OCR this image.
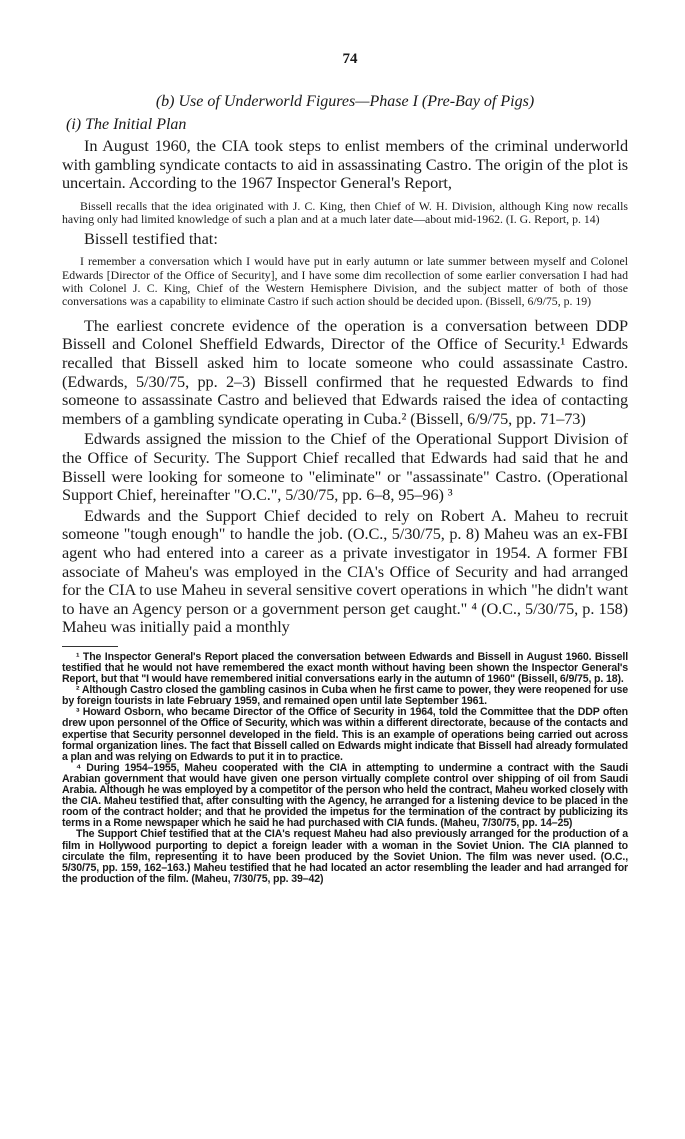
74
(b) Use of Underworld Figures—Phase I (Pre-Bay of Pigs)
(i) The Initial Plan

In August 1960, the CIA took steps to enlist members of the criminal underworld with gambling syndicate contacts to aid in assassinating Castro. The origin of the plot is uncertain. According to the 1967 Inspector General's Report,

Bissell recalls that the idea originated with J. C. King, then Chief of W. H. Division, although King now recalls having only had limited knowledge of such a plan and at a much later date—about mid-1962. (I. G. Report, p. 14)

Bissell testified that:

I remember a conversation which I would have put in early autumn or late summer between myself and Colonel Edwards [Director of the Office of Security], and I have some dim recollection of some earlier conversation I had had with Colonel J. C. King, Chief of the Western Hemisphere Division, and the subject matter of both of those conversations was a capability to eliminate Castro if such action should be decided upon. (Bissell, 6/9/75, p. 19)

The earliest concrete evidence of the operation is a conversation between DDP Bissell and Colonel Sheffield Edwards, Director of the Office of Security.¹ Edwards recalled that Bissell asked him to locate someone who could assassinate Castro. (Edwards, 5/30/75, pp. 2–3) Bissell confirmed that he requested Edwards to find someone to assassinate Castro and believed that Edwards raised the idea of contacting members of a gambling syndicate operating in Cuba.² (Bissell, 6/9/75, pp. 71–73)

Edwards assigned the mission to the Chief of the Operational Support Division of the Office of Security. The Support Chief recalled that Edwards had said that he and Bissell were looking for someone to "eliminate" or "assassinate" Castro. (Operational Support Chief, hereinafter "O.C.", 5/30/75, pp. 6–8, 95–96) ³

Edwards and the Support Chief decided to rely on Robert A. Maheu to recruit someone "tough enough" to handle the job. (O.C., 5/30/75, p. 8) Maheu was an ex-FBI agent who had entered into a career as a private investigator in 1954. A former FBI associate of Maheu's was employed in the CIA's Office of Security and had arranged for the CIA to use Maheu in several sensitive covert operations in which "he didn't want to have an Agency person or a government person get caught." ⁴ (O.C., 5/30/75, p. 158) Maheu was initially paid a monthly

¹ The Inspector General's Report placed the conversation between Edwards and Bissell in August 1960. Bissell testified that he would not have remembered the exact month without having been shown the Inspector General's Report, but that "I would have remembered initial conversations early in the autumn of 1960" (Bissell, 6/9/75, p. 18).

² Although Castro closed the gambling casinos in Cuba when he first came to power, they were reopened for use by foreign tourists in late February 1959, and remained open until late September 1961.

³ Howard Osborn, who became Director of the Office of Security in 1964, told the Committee that the DDP often drew upon personnel of the Office of Security, which was within a different directorate, because of the contacts and expertise that Security personnel developed in the field. This is an example of operations being carried out across formal organization lines. The fact that Bissell called on Edwards might indicate that Bissell had already formulated a plan and was relying on Edwards to put it in to practice.

⁴ During 1954–1955, Maheu cooperated with the CIA in attempting to undermine a contract with the Saudi Arabian government that would have given one person virtually complete control over shipping of oil from Saudi Arabia. Although he was employed by a competitor of the person who held the contract, Maheu worked closely with the CIA. Maheu testified that, after consulting with the Agency, he arranged for a listening device to be placed in the room of the contract holder; and that he provided the impetus for the termination of the contract by publicizing its terms in a Rome newspaper which he said he had purchased with CIA funds. (Maheu, 7/30/75, pp. 14–25)

The Support Chief testified that at the CIA's request Maheu had also previously arranged for the production of a film in Hollywood purporting to depict a foreign leader with a woman in the Soviet Union. The CIA planned to circulate the film, representing it to have been produced by the Soviet Union. The film was never used. (O.C., 5/30/75, pp. 159, 162–163.) Maheu testified that he had located an actor resembling the leader and had arranged for the production of the film. (Maheu, 7/30/75, pp. 39–42)
